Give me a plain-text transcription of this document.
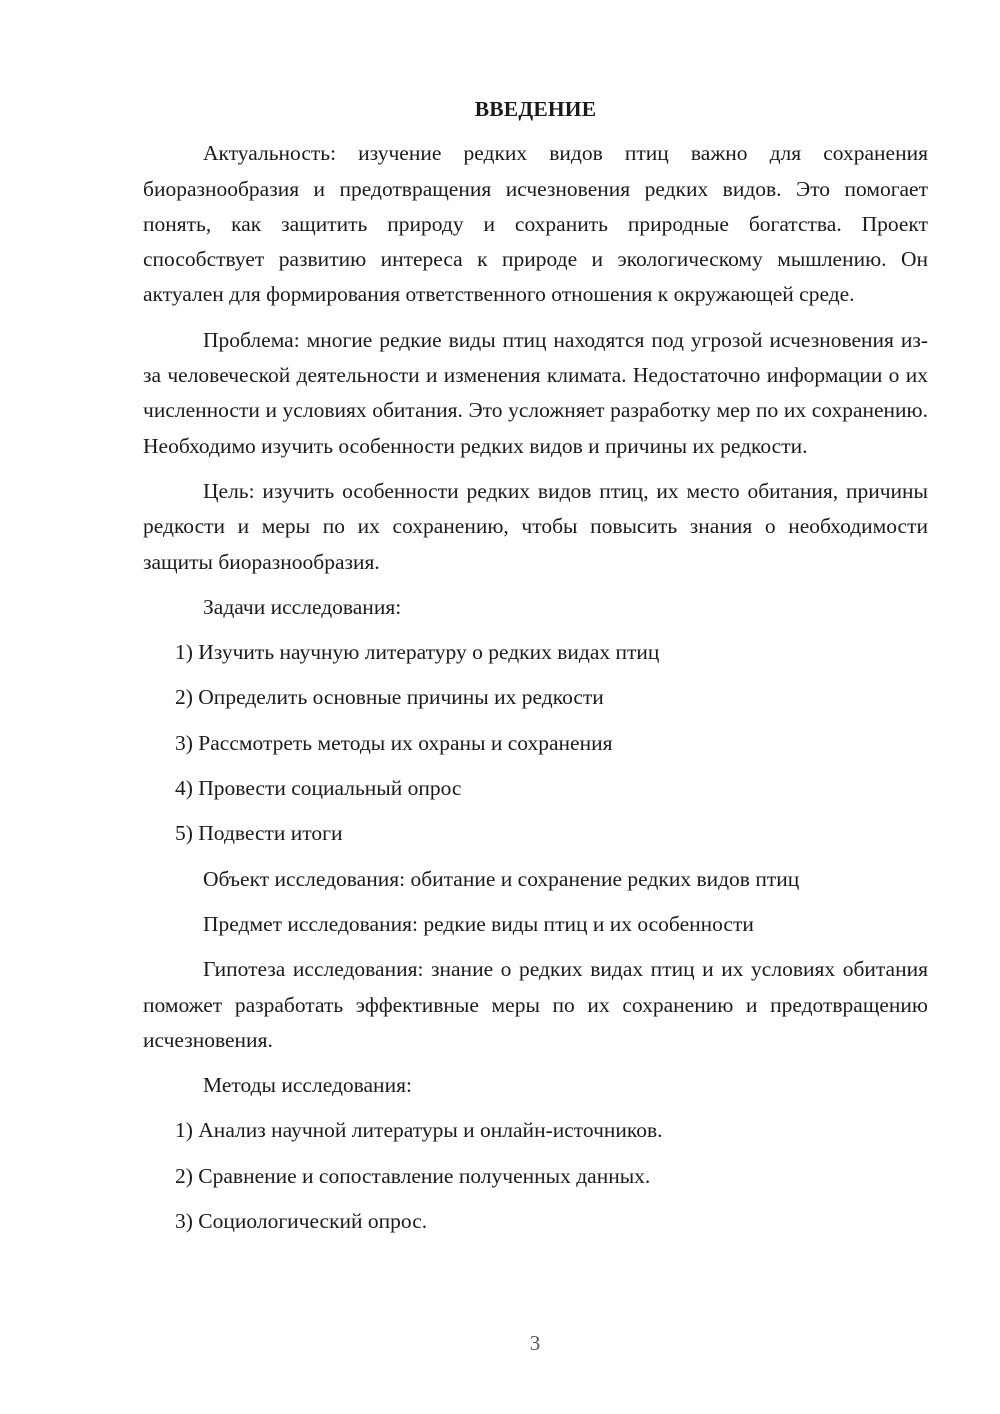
ВВЕДЕНИЕ

Актуальность: изучение редких видов птиц важно для сохранения биоразнообразия и предотвращения исчезновения редких видов. Это помогает понять, как защитить природу и сохранить природные богатства. Проект способствует развитию интереса к природе и экологическому мышлению. Он актуален для формирования ответственного отношения к окружающей среде.

Проблема: многие редкие виды птиц находятся под угрозой исчезновения из-за человеческой деятельности и изменения климата. Недостаточно информации о их численности и условиях обитания. Это усложняет разработку мер по их сохранению. Необходимо изучить особенности редких видов и причины их редкости.

Цель: изучить особенности редких видов птиц, их место обитания, причины редкости и меры по их сохранению, чтобы повысить знания о необходимости защиты биоразнообразия.

Задачи исследования:
1) Изучить научную литературу о редких видах птиц
2) Определить основные причины их редкости
3) Рассмотреть методы их охраны и сохранения
4) Провести социальный опрос
5) Подвести итоги
Объект исследования: обитание и сохранение редких видов птиц
Предмет исследования: редкие виды птиц и их особенности

Гипотеза исследования: знание о редких видах птиц и их условиях обитания поможет разработать эффективные меры по их сохранению и предотвращению исчезновения.

Методы исследования:
1) Анализ научной литературы и онлайн-источников.
2) Сравнение и сопоставление полученных данных.
3) Социологический опрос.
3
